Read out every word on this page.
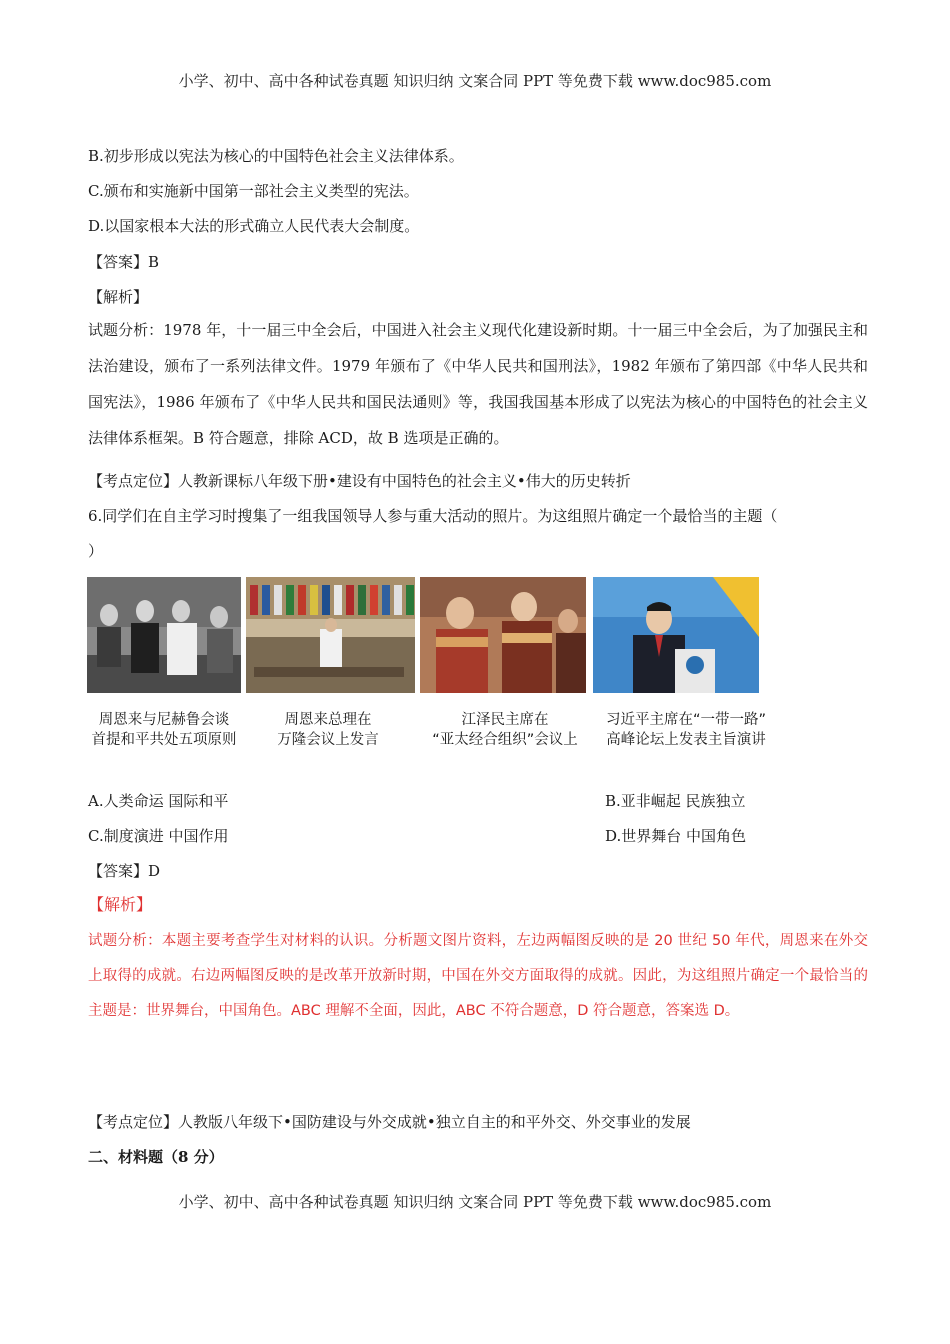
小学、初中、高中各种试卷真题 知识归纳 文案合同 PPT 等免费下载 www.doc985.com
B.初步形成以宪法为核心的中国特色社会主义法律体系。
C.颁布和实施新中国第一部社会主义类型的宪法。
D.以国家根本大法的形式确立人民代表大会制度。
【答案】B
【解析】
试题分析：1978 年，十一届三中全会后，中国进入社会主义现代化建设新时期。十一届三中全会后，为了加强民主和法治建设，颁布了一系列法律文件。1979 年颁布了《中华人民共和国刑法》，1982 年颁布了第四部《中华人民共和国宪法》，1986 年颁布了《中华人民共和国民法通则》等，我国我国基本形成了以宪法为核心的中国特色的社会主义法律体系框架。B 符合题意，排除 ACD，故 B 选项是正确的。
【考点定位】人教新课标八年级下册•建设有中国特色的社会主义•伟大的历史转折
6.同学们在自主学习时搜集了一组我国领导人参与重大活动的照片。为这组照片确定一个最恰当的主题（
）
周恩来与尼赫鲁会谈
首提和平共处五项原则
周恩来总理在
万隆会议上发言
江泽民主席在
“亚太经合组织”会议上
习近平主席在“一带一路”
高峰论坛上发表主旨演讲
A.人类命运 国际和平	B.亚非崛起 民族独立
C.制度演进 中国作用	D.世界舞台 中国角色
【答案】D
【解析】
试题分析：本题主要考查学生对材料的认识。分析题文图片资料，左边两幅图反映的是 20 世纪 50 年代，周恩来在外交上取得的成就。右边两幅图反映的是改革开放新时期，中国在外交方面取得的成就。因此，为这组照片确定一个最恰当的主题是：世界舞台，中国角色。ABC 理解不全面，因此，ABC 不符合题意，D 符合题意，答案选 D。
【考点定位】人教版八年级下•国防建设与外交成就•独立自主的和平外交、外交事业的发展
二、材料题（8 分）
小学、初中、高中各种试卷真题 知识归纳 文案合同 PPT 等免费下载 www.doc985.com
